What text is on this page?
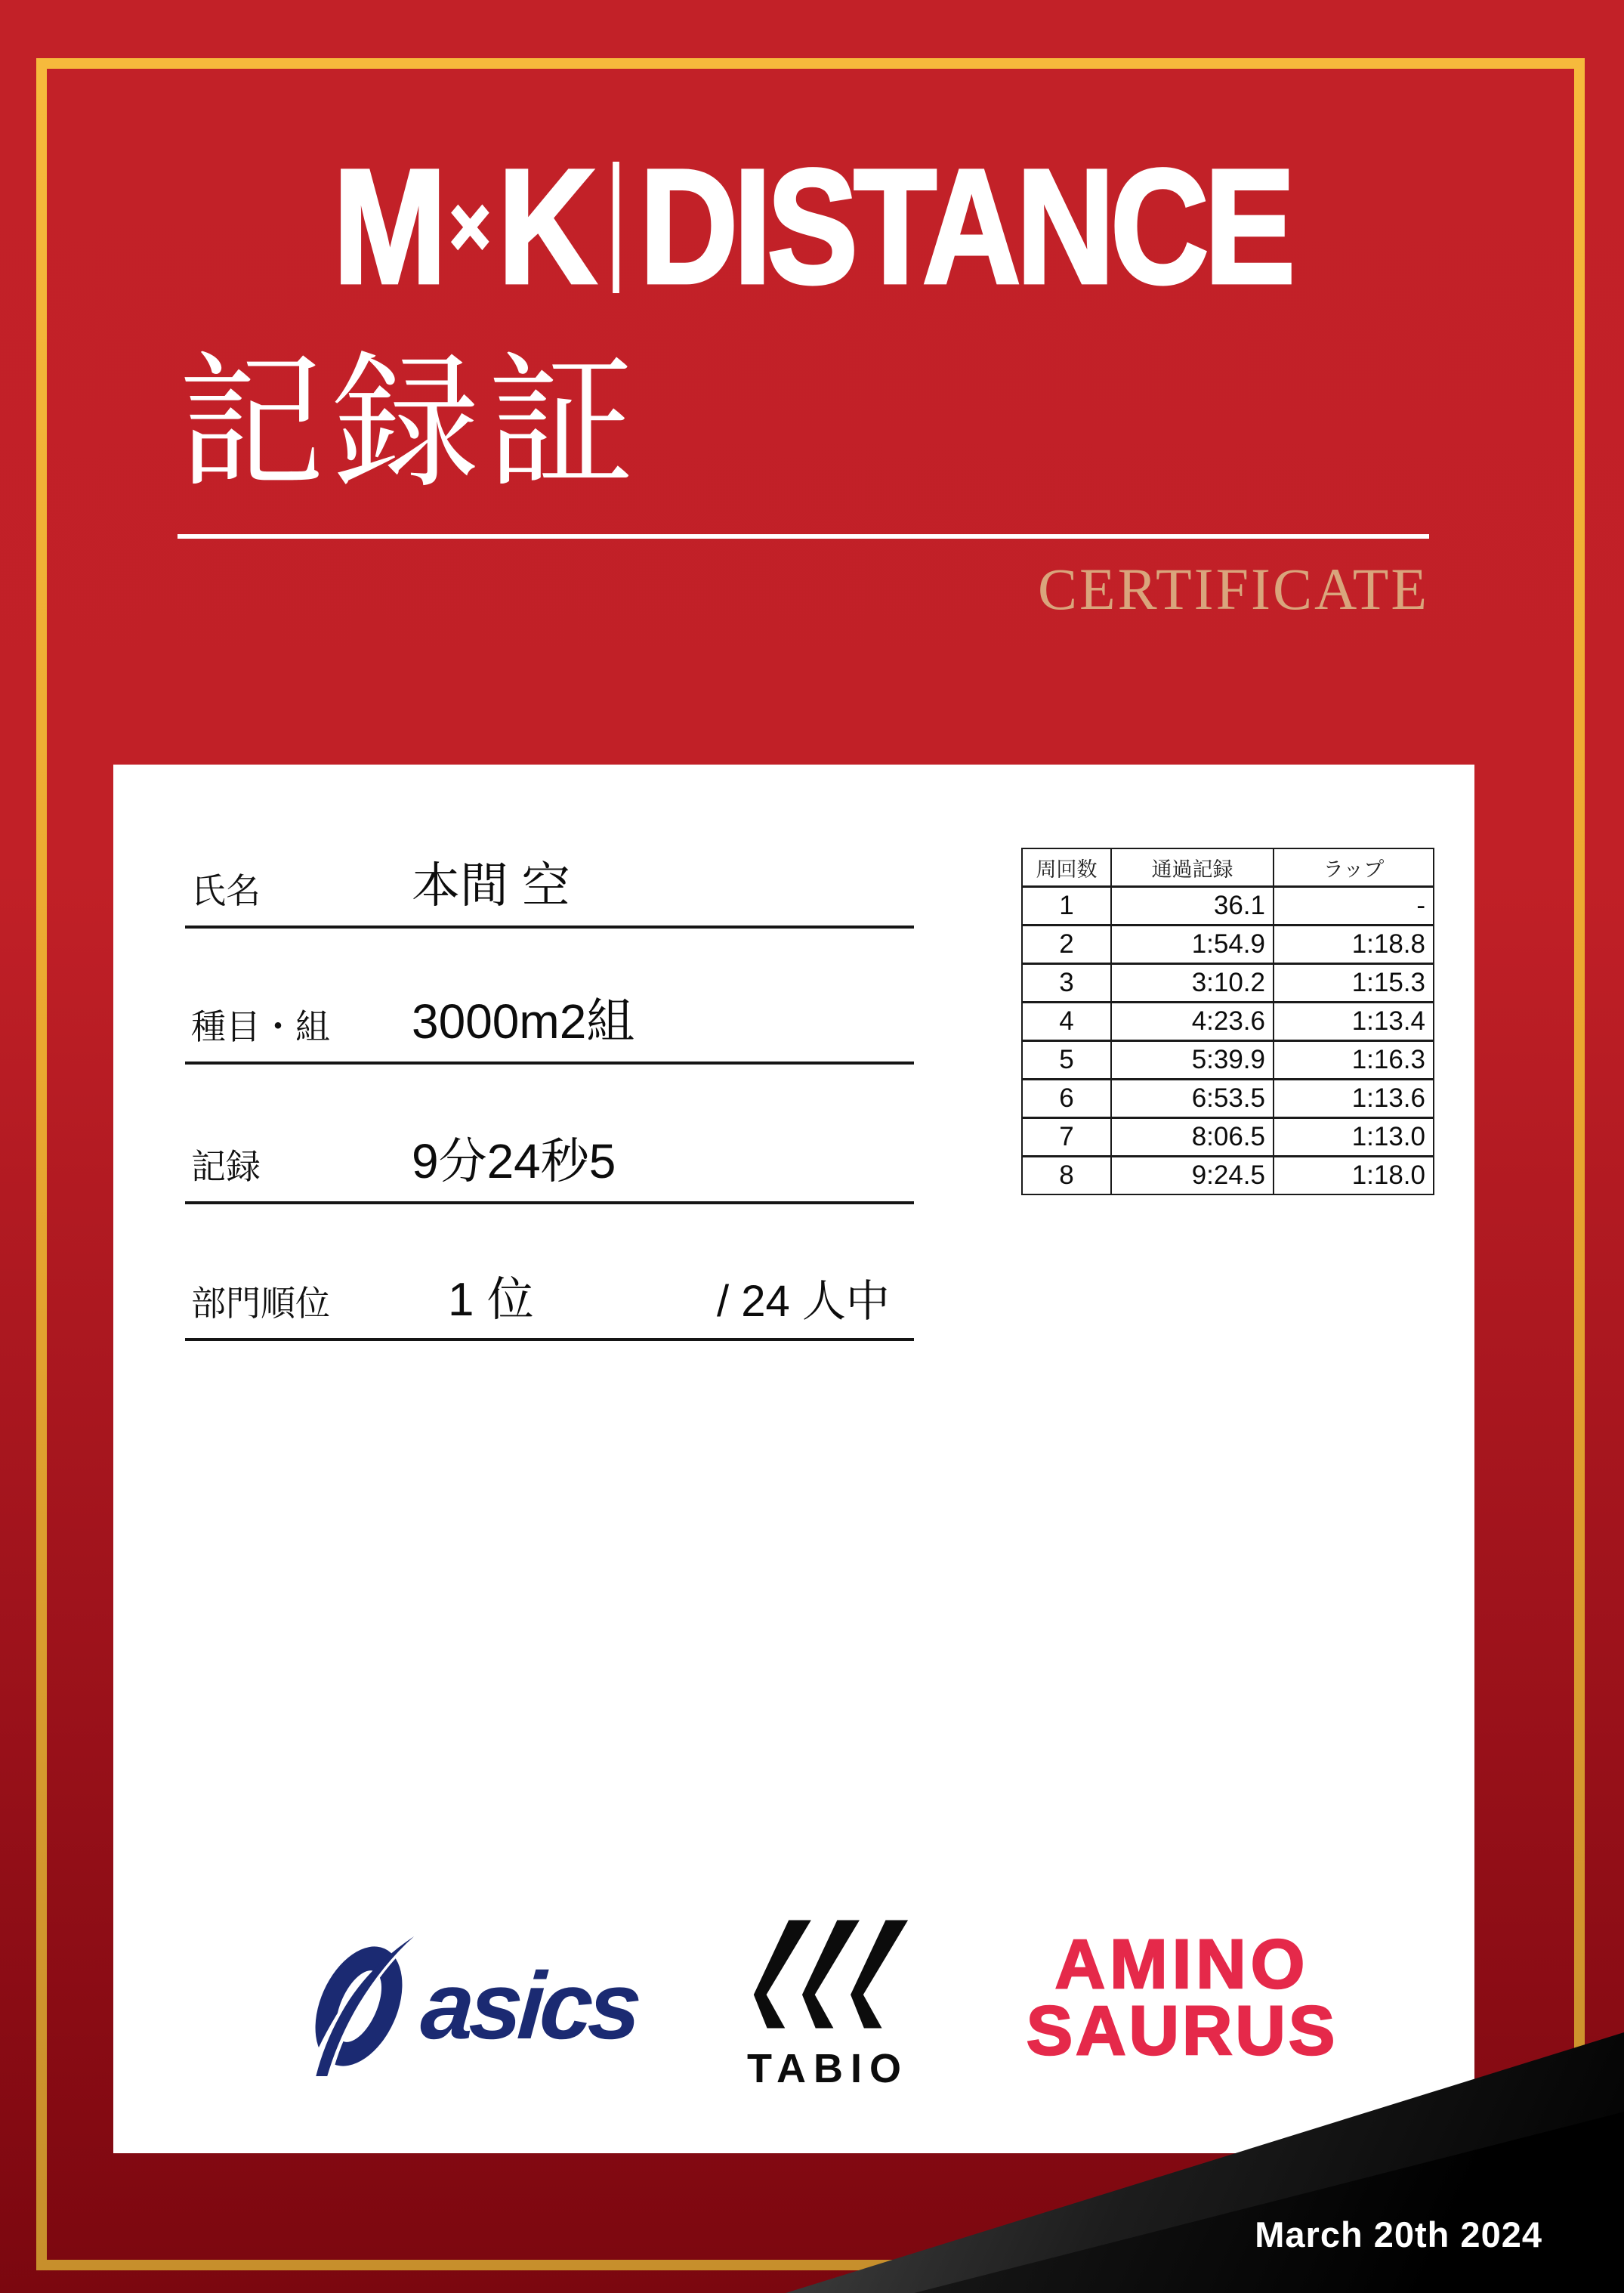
M × K DISTANCE
記録証
CERTIFICATE
氏名	本間 空
種目・組 3000m2組
記録	9分24秒5
部門順位	1 位	/ 24 人中
周回数	通過記録	ラップ
1	36.1	-
2	1:54.9	1:18.8
3	3:10.2	1:15.3
4	4:23.6	1:13.4
5	5:39.9	1:16.3
6	6:53.5	1:13.6
7	8:06.5	1:13.0
8	9:24.5	1:18.0
asics
TABIO
AMINO
SAURUS
March 20th 2024
